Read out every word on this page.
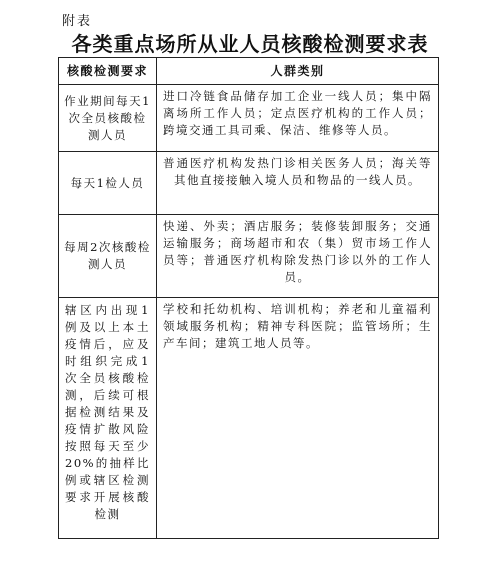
附表
各类重点场所从业人员核酸检测要求表
核酸检测要求	人群类别
作业期间每天1次全员核酸检测人员	进口冷链食品储存加工企业一线人员；集中隔离场所工作人员；定点医疗机构的工作人员；跨境交通工具司乘、保洁、维修等人员。
每天1检人员	普通医疗机构发热门诊相关医务人员；海关等其他直接接触入境人员和物品的一线人员。
每周2次核酸检测人员	快递、外卖；酒店服务；装修装卸服务；交通运输服务；商场超市和农（集）贸市场工作人员等；普通医疗机构除发热门诊以外的工作人员。
辖区内出现1例及以上本土疫情后，应及时组织完成1次全员核酸检测，后续可根据检测结果及疫情扩散风险按照每天至少20%的抽样比例或辖区检测要求开展核酸检测	学校和托幼机构、培训机构；养老和儿童福利领域服务机构；精神专科医院；监管场所；生产车间；建筑工地人员等。
